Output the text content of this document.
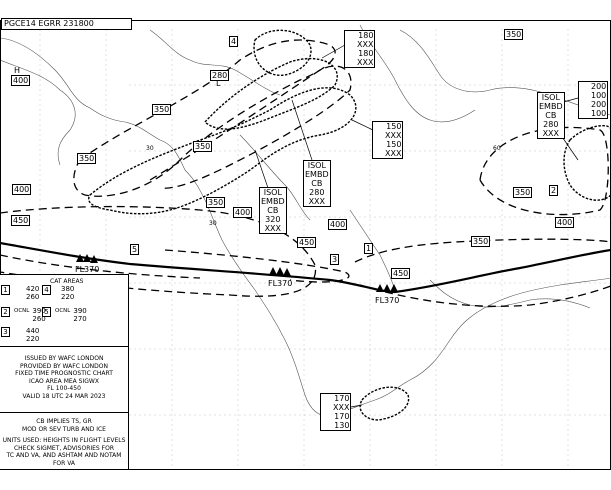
30	60
30
PGCE14 EGRR 231800
H
400
350
280
L
350
350
350
400
450
350
400
400
450
450
350
350
400
4
5
3
1
2
FL370
FL370
FL370
ISOL
EMBD
CB
280
XXX
ISOL
EMBD
CB
320
XXX
ISOL
EMBD
CB
280
XXX
180
XXX
180
XXX
150
XXX
150
XXX
200
100
200
100
170
XXX
170
130
CAT AREAS
1	420
260
4 380
220
2 $^{OCNL}$ 390
260
5 $^{OCNL}$ 390
270
3	440
220
ISSUED BY WAFC LONDON
PROVIDED BY WAFC LONDON
FIXED TIME PROGNOSTIC CHART
ICAO AREA MEA SIGWX
FL 100-450
VALID 18 UTC 24 MAR 2023
CB IMPLIES TS, GR
MOD OR SEV TURB AND ICE
UNITS USED: HEIGHTS IN FLIGHT LEVELS
CHECK SIGMET, ADVISORIES FOR
TC AND VA, AND ASHTAM AND NOTAM FOR VA
